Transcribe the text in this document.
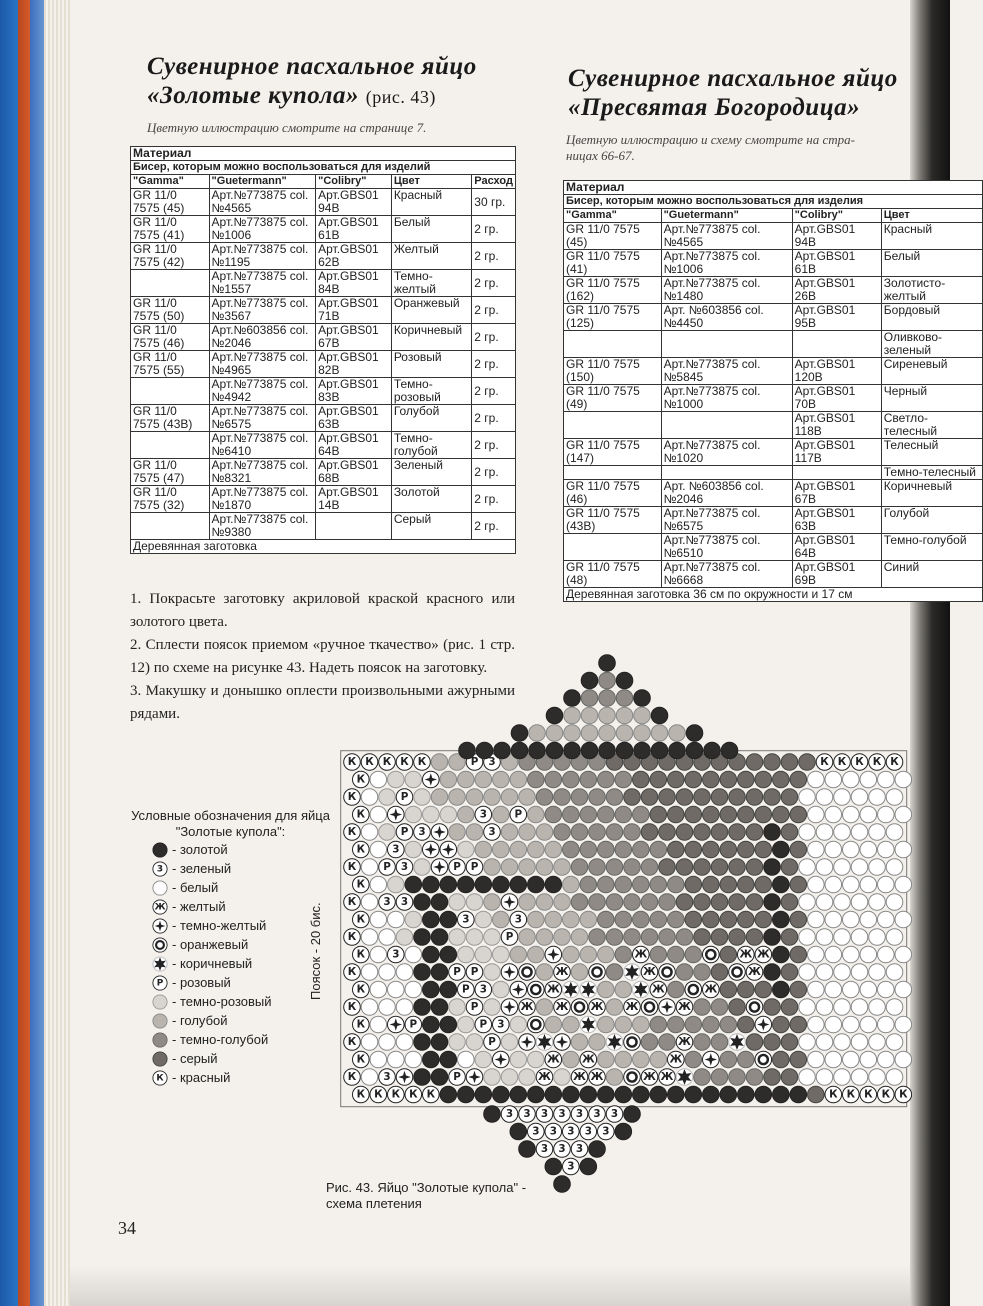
Сувенирное пасхальное яйцо
«Золотые купола» (рис. 43)
Цветную иллюстрацию смотрите на странице 7.
Материал				
Бисер, которым можно воспользоваться для изделий				
"Gamma"	"Guetermann"	"Colibry"	Цвет	Расход
GR 11/0 7575 (45)	Арт.№773875 col. №4565	Арт.GBS01 94B	Красный	30 гр.
GR 11/0 7575 (41)	Арт.№773875 col. №1006	Арт.GBS01 61B	Белый	2 гр.
GR 11/0 7575 (42)	Арт.№773875 col. №1195	Арт.GBS01 62B	Желтый	2 гр.
	Арт.№773875 col. №1557	Арт.GBS01 84B	Темно-желтый	2 гр.
GR 11/0 7575 (50)	Арт.№773875 col. №3567	Арт.GBS01 71B	Оранжевый	2 гр.
GR 11/0 7575 (46)	Арт.№603856 col. №2046	Арт.GBS01 67B	Коричневый	2 гр.
GR 11/0 7575 (55)	Арт.№773875 col. №4965	Арт.GBS01 82B	Розовый	2 гр.
	Арт.№773875 col. №4942	Арт.GBS01 83B	Темно-розовый	2 гр.
GR 11/0 7575 (43B)	Арт.№773875 col. №6575	Арт.GBS01 63B	Голубой	2 гр.
	Арт.№773875 col. №6410	Арт.GBS01 64B	Темно-голубой	2 гр.
GR 11/0 7575 (47)	Арт.№773875 col. №8321	Арт.GBS01 68B	Зеленый	2 гр.
GR 11/0 7575 (32)	Арт.№773875 col. №1870	Арт.GBS01 14B	Золотой	2 гр.
	Арт.№773875 col. №9380		Серый	2 гр.
Деревянная заготовка				

1. Покрасьте заготовку акриловой краской красного или золотого цвета.

2. Сплести поясок приемом «ручное ткачество» (рис. 1 стр. 12) по схеме на рисунке 43. Надеть поясок на заготовку.

3. Макушку и донышко оплести произвольными ажурными рядами.

Сувенирное пасхальное яйцо
«Пресвятая Богородица»
Цветную иллюстрацию и схему смотрите на стра-
ницах 66-67.
Материал			
Бисер, которым можно воспользоваться для изделия			
"Gamma"	"Guetermann"	"Colibry"	Цвет
GR 11/0 7575 (45)	Арт.№773875 col. №4565	Арт.GBS01 94B	Красный
GR 11/0 7575 (41)	Арт.№773875 col. №1006	Арт.GBS01 61B	Белый
GR 11/0 7575 (162)	Арт.№773875 col. №1480	Арт.GBS01 26B	Золотисто-желтый
GR 11/0 7575 (125)	Арт. №603856 col. №4450	Арт.GBS01 95B	Бордовый
			Оливково-зеленый
GR 11/0 7575 (150)	Арт.№773875 col. №5845	Арт.GBS01 120B	Сиреневый
GR 11/0 7575 (49)	Арт.№773875 col. №1000	Арт.GBS01 70B	Черный
		Арт.GBS01 118B	Светло-телесный
GR 11/0 7575 (147)	Арт.№773875 col. №1020	Арт.GBS01 117B	Телесный
			Темно-телесный
GR 11/0 7575 (46)	Арт. №603856 col. №2046	Арт.GBS01 67B	Коричневый
GR 11/0 7575 (43B)	Арт.№773875 col. №6575	Арт.GBS01 63B	Голубой
	Арт.№773875 col. №6510	Арт.GBS01 64B	Темно-голубой
GR 11/0 7575 (48)	Арт.№773875 col. №6668	Арт.GBS01 69B	Синий
Деревянная заготовка 36 см по окружности и 17 см			
К К К К К	P 3	К К К К К
К
К	P
К	3	P
К	P 3	3
К	3
К	P 3	P P
К
К	3 3
К	3	3
К	P
К	3	Ж	Ж Ж
К	P P	Ж	Ж	Ж
К	P 3	Ж	Ж	Ж
К	P	Ж Ж Ж Ж	Ж
К	P	P 3
К	P	Ж
К	Ж Ж	Ж
К	3	P	Ж Ж Ж	Ж Ж
К К К К К	К К К К К
3 3 3 3 3 3 3
3 3 3 3 3
3 3 3
3
Поясок - 20 бис.
Условные обозначения для яйца "Золотые купола":
- золотой
3 - зеленый
- белый
Ж - желтый
- темно-желтый
- оранжевый
- коричневый
P - розовый
- темно-розовый
- голубой
- темно-голубой
- серый
К - красный
Рис. 43. Яйцо "Золотые купола" -
схема плетения
34
